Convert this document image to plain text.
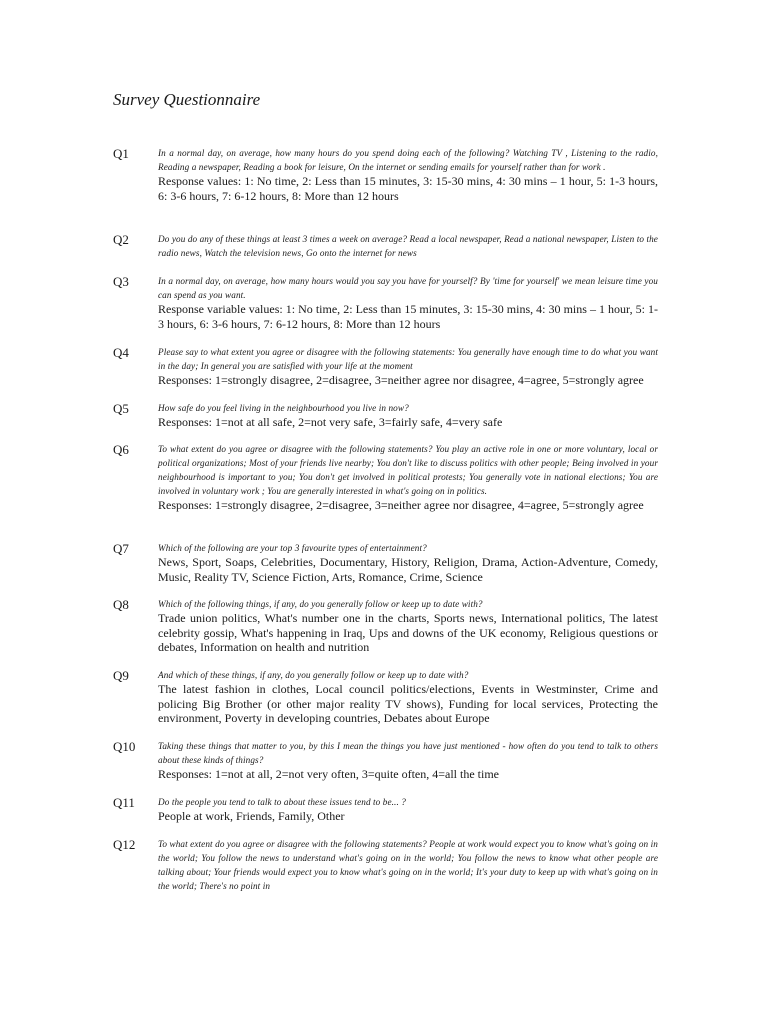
Survey Questionnaire
Q1	In a normal day, on average, how many hours do you spend doing each of the following? Watching TV , Listening to the radio, Reading a newspaper, Reading a book for leisure, On the internet or sending emails for yourself rather than for work .
Response values: 1: No time, 2: Less than 15 minutes, 3: 15-30 mins, 4: 30 mins – 1 hour, 5: 1-3 hours, 6: 3-6 hours, 7: 6-12 hours, 8: More than 12 hours
Q2	Do you do any of these things at least 3 times a week on average? Read a local newspaper, Read a national newspaper, Listen to the radio news, Watch the television news, Go onto the internet for news
Q3	In a normal day, on average, how many hours would you say you have for yourself? By 'time for yourself' we mean leisure time you can spend as you want.
Response variable values: 1: No time, 2: Less than 15 minutes, 3: 15-30 mins, 4: 30 mins – 1 hour, 5: 1-3 hours, 6: 3-6 hours, 7: 6-12 hours, 8: More than 12 hours
Q4	Please say to what extent you agree or disagree with the following statements: You generally have enough time to do what you want in the day; In general you are satisfied with your life at the moment
Responses: 1=strongly disagree, 2=disagree, 3=neither agree nor disagree, 4=agree, 5=strongly agree
Q5	How safe do you feel living in the neighbourhood you live in now?
Responses: 1=not at all safe, 2=not very safe, 3=fairly safe, 4=very safe
Q6	To what extent do you agree or disagree with the following statements? You play an active role in one or more voluntary, local or political organizations; Most of your friends live nearby; You don't like to discuss politics with other people; Being involved in your neighbourhood is important to you; You don't get involved in political protests; You generally vote in national elections; You are involved in voluntary work ; You are generally interested in what's going on in politics.
Responses: 1=strongly disagree, 2=disagree, 3=neither agree nor disagree, 4=agree, 5=strongly agree
Q7	Which of the following are your top 3 favourite types of entertainment?
News, Sport, Soaps, Celebrities, Documentary, History, Religion, Drama, Action-Adventure, Comedy, Music, Reality TV, Science Fiction, Arts, Romance, Crime, Science
Q8	Which of the following things, if any, do you generally follow or keep up to date with?
Trade union politics, What's number one in the charts, Sports news, International politics, The latest celebrity gossip, What's happening in Iraq, Ups and downs of the UK economy, Religious questions or debates, Information on health and nutrition
Q9	And which of these things, if any, do you generally follow or keep up to date with?
The latest fashion in clothes, Local council politics/elections, Events in Westminster, Crime and policing Big Brother (or other major reality TV shows), Funding for local services, Protecting the environment, Poverty in developing countries, Debates about Europe
Q10 Taking these things that matter to you, by this I mean the things you have just mentioned - how often do you tend to talk to others about these kinds of things?
Responses: 1=not at all, 2=not very often, 3=quite often, 4=all the time
Q11	Do the people you tend to talk to about these issues tend to be... ?
People at work, Friends, Family, Other
Q12 To what extent do you agree or disagree with the following statements? People at work would expect you to know what's going on in the world; You follow the news to understand what's going on in the world; You follow the news to know what other people are talking about; Your friends would expect you to know what's going on in the world; It's your duty to keep up with what's going on in the world; There's no point in
